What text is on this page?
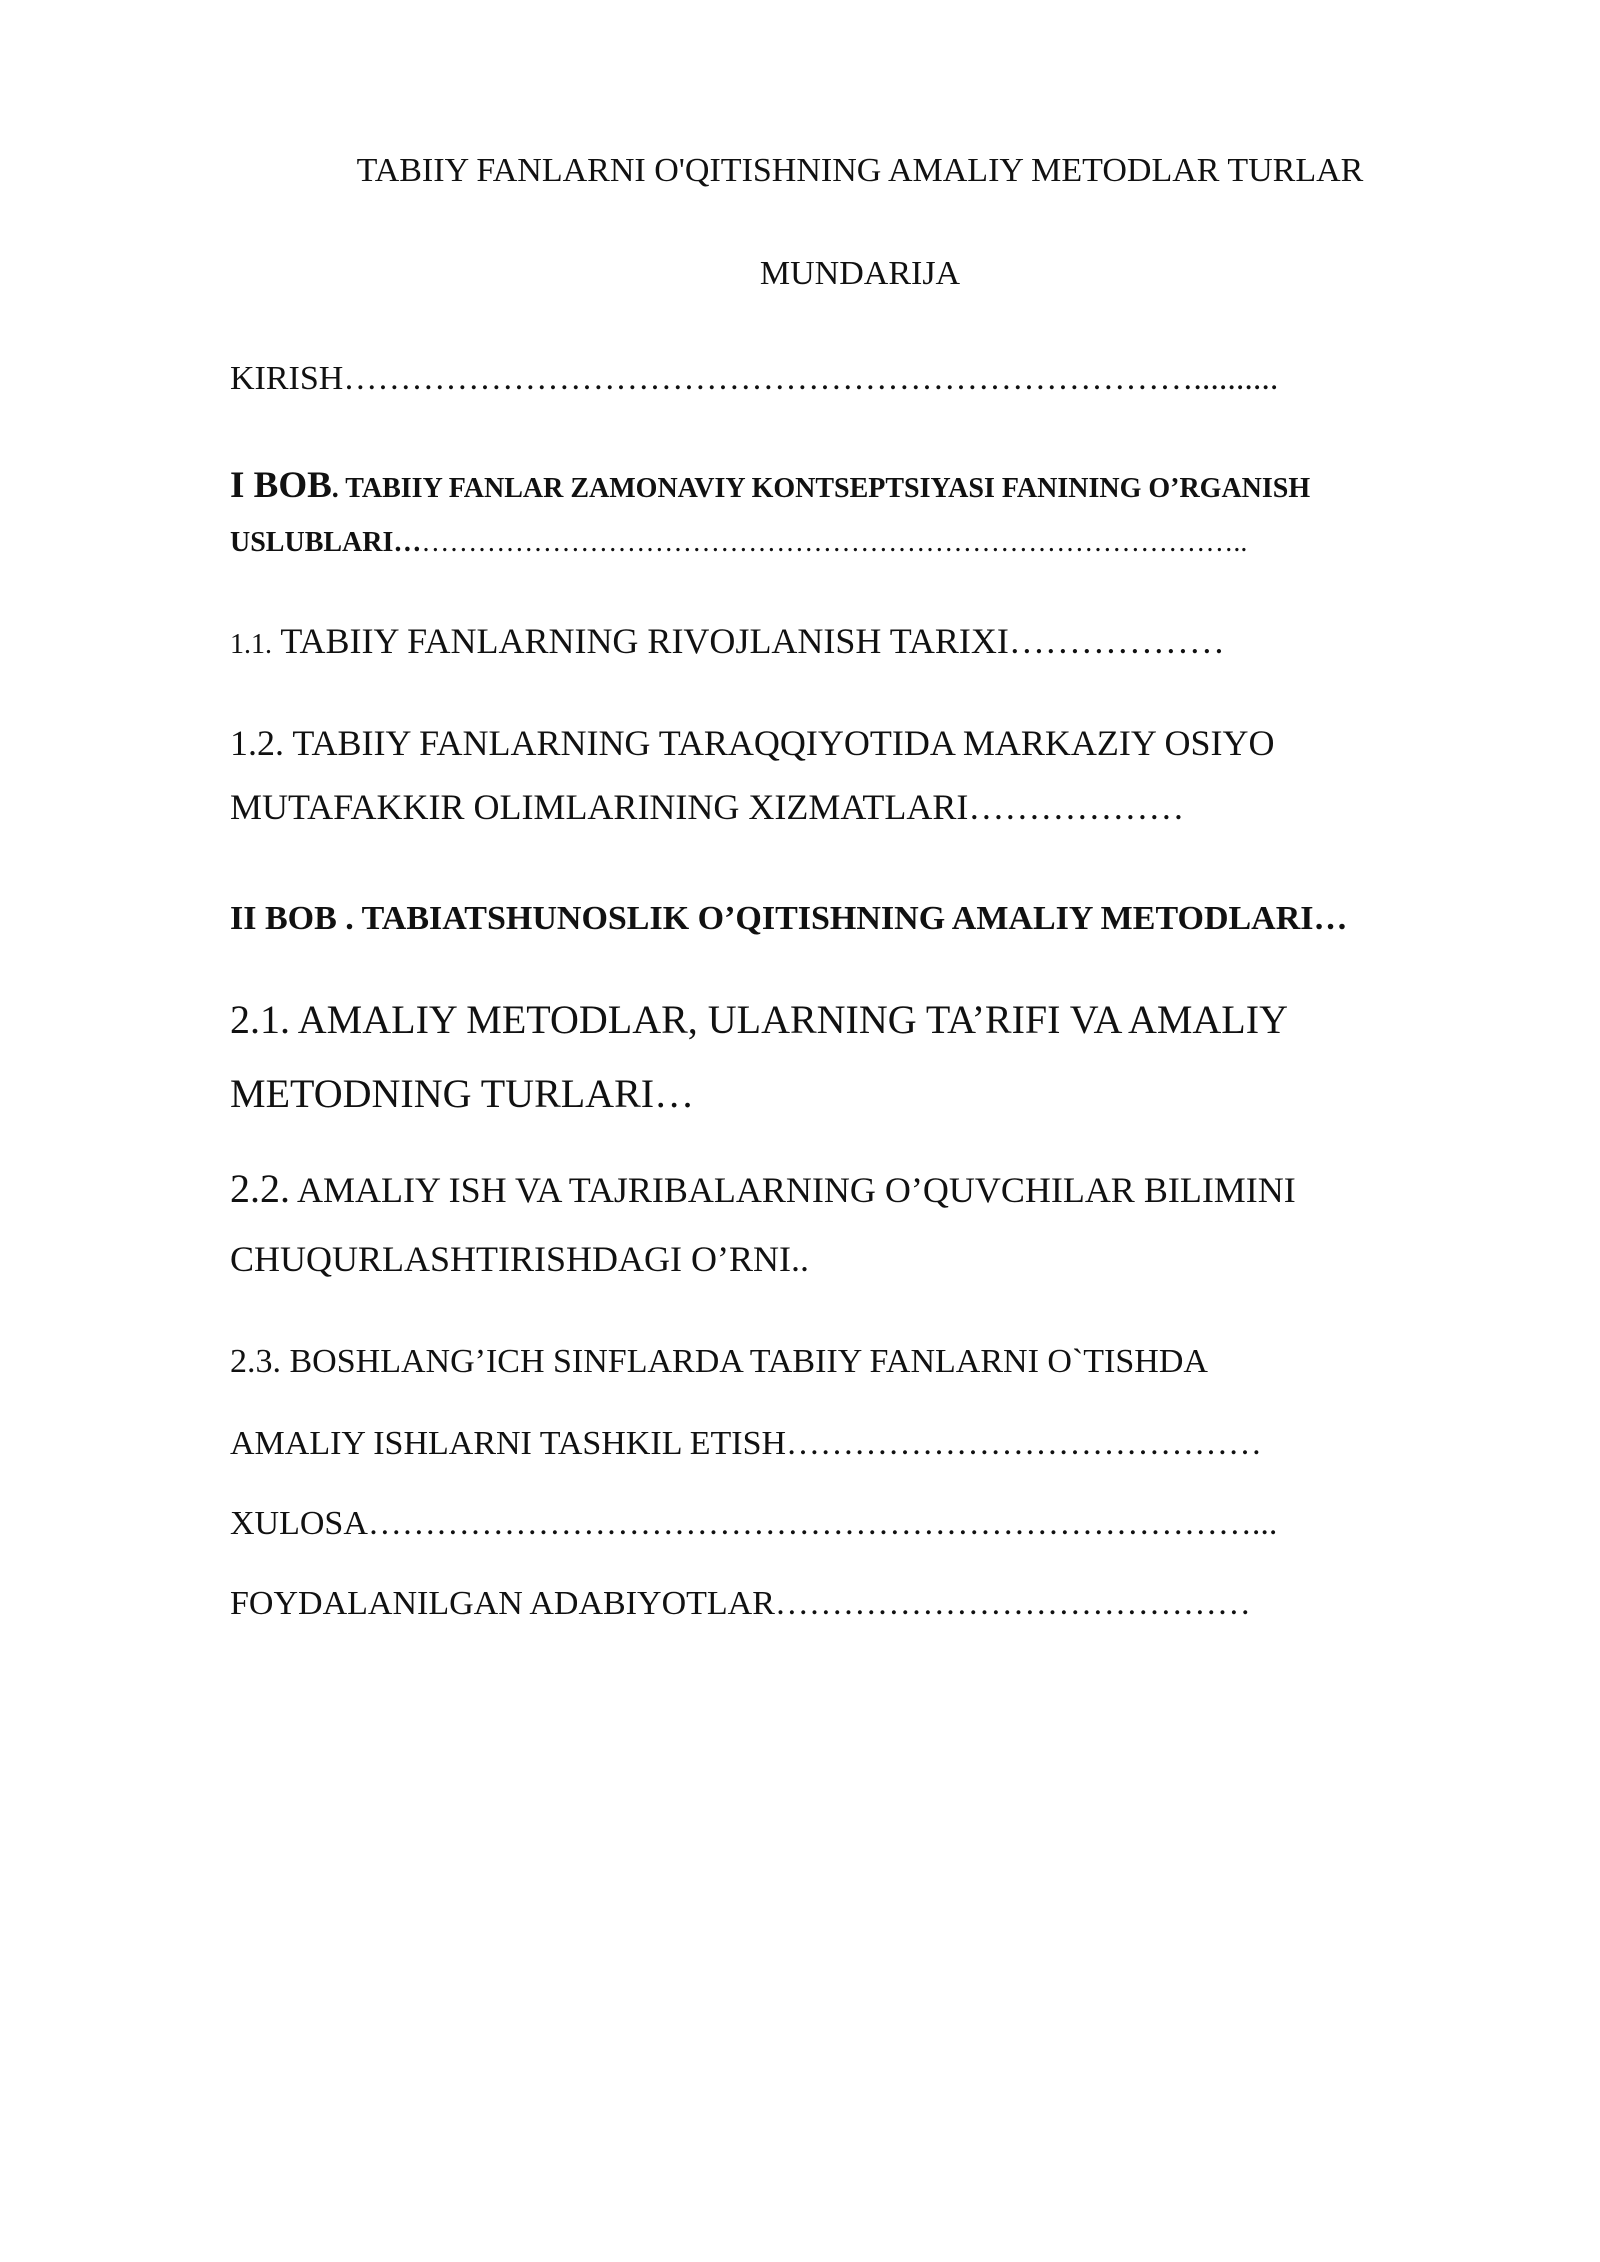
TABIIY FANLARNI O'QITISHNING AMALIY METODLAR TURLAR
MUNDARIJA
KIRISH…………………………………………………………………..........
I BOB. TABIIY FANLAR ZAMONAVIY KONTSEPTSIYASI FANINING O’RGANISH
USLUBLARI………………………………………………………………………………..
1.1. TABIIY FANLARNING RIVOJLANISH TARIXI………………
1.2. TABIIY FANLARNING TARAQQIYOTIDA MARKAZIY OSIYO
MUTAFAKKIR OLIMLARINING XIZMATLARI………………
II BOB . TABIATSHUNOSLIK O’QITISHNING AMALIY METODLARI…
2.1. AMALIY METODLAR, ULARNING TA’RIFI VA AMALIY
METODNING TURLARI…
2.2. AMALIY ISH VA TAJRIBALARNING O’QUVCHILAR BILIMINI
CHUQURLASHTIRISHDAGI O’RNI..
2.3. BOSHLANG’ICH SINFLARDA TABIIY FANLARNI O`TISHDA
AMALIY ISHLARNI TASHKIL ETISH……………………………………
XULOSA……………………………………………………………………...
FOYDALANILGAN ADABIYOTLAR……………………………………
